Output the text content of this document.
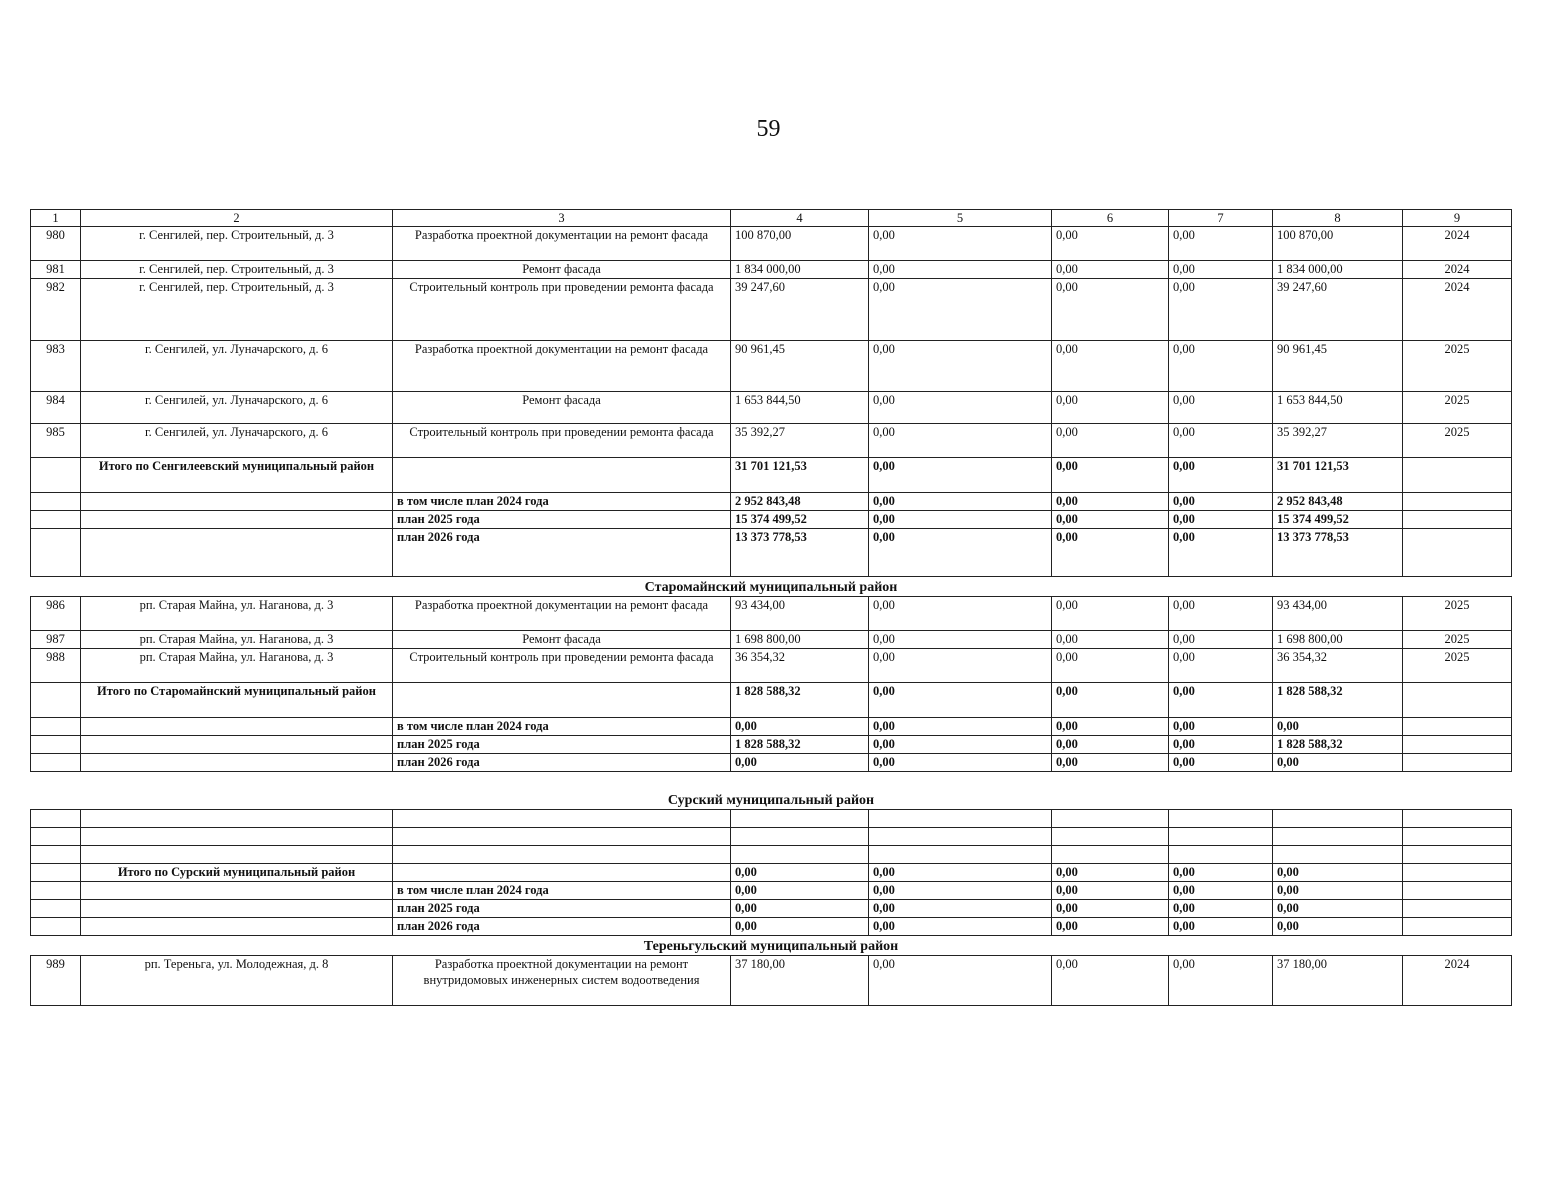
59
1	2	3	4	5	6	7	8	9
980	г. Сенгилей, пер. Строительный, д. 3	Разработка проектной документации на ремонт фасада	100 870,00	0,00	0,00	0,00	100 870,00	2024
981	г. Сенгилей, пер. Строительный, д. 3	Ремонт фасада	1 834 000,00	0,00	0,00	0,00	1 834 000,00	2024
982	г. Сенгилей, пер. Строительный, д. 3	Строительный контроль при проведении ремонта фасада	39 247,60	0,00	0,00	0,00	39 247,60	2024
983	г. Сенгилей, ул. Луначарского, д. 6	Разработка проектной документации на ремонт фасада	90 961,45	0,00	0,00	0,00	90 961,45	2025
984	г. Сенгилей, ул. Луначарского, д. 6	Ремонт фасада	1 653 844,50	0,00	0,00	0,00	1 653 844,50	2025
985	г. Сенгилей, ул. Луначарского, д. 6	Строительный контроль при проведении ремонта фасада	35 392,27	0,00	0,00	0,00	35 392,27	2025
	Итого по Сенгилеевский муниципальный район		31 701 121,53	0,00	0,00	0,00	31 701 121,53	
		в том числе план 2024 года	2 952 843,48	0,00	0,00	0,00	2 952 843,48	
		план 2025 года	15 374 499,52	0,00	0,00	0,00	15 374 499,52	
		план 2026 года	13 373 778,53	0,00	0,00	0,00	13 373 778,53	
Старомайнский муниципальный район								
986	рп. Старая Майна, ул. Наганова, д. 3	Разработка проектной документации на ремонт фасада	93 434,00	0,00	0,00	0,00	93 434,00	2025
987	рп. Старая Майна, ул. Наганова, д. 3	Ремонт фасада	1 698 800,00	0,00	0,00	0,00	1 698 800,00	2025
988	рп. Старая Майна, ул. Наганова, д. 3	Строительный контроль при проведении ремонта фасада	36 354,32	0,00	0,00	0,00	36 354,32	2025
	Итого по Старомайнский муниципальный район		1 828 588,32	0,00	0,00	0,00	1 828 588,32	
		в том числе план 2024 года	0,00	0,00	0,00	0,00	0,00	
		план 2025 года	1 828 588,32	0,00	0,00	0,00	1 828 588,32	
		план 2026 года	0,00	0,00	0,00	0,00	0,00	
Сурский муниципальный район								

	Итого по Сурский муниципальный район		0,00	0,00	0,00	0,00	0,00	
		в том числе план 2024 года	0,00	0,00	0,00	0,00	0,00	
		план 2025 года	0,00	0,00	0,00	0,00	0,00	
		план 2026 года	0,00	0,00	0,00	0,00	0,00	
Тереньгульский муниципальный район								
989	рп. Тереньга, ул. Молодежная, д. 8	Разработка проектной документации на ремонт внутридомовых инженерных систем водоотведения	37 180,00	0,00	0,00	0,00	37 180,00	2024
